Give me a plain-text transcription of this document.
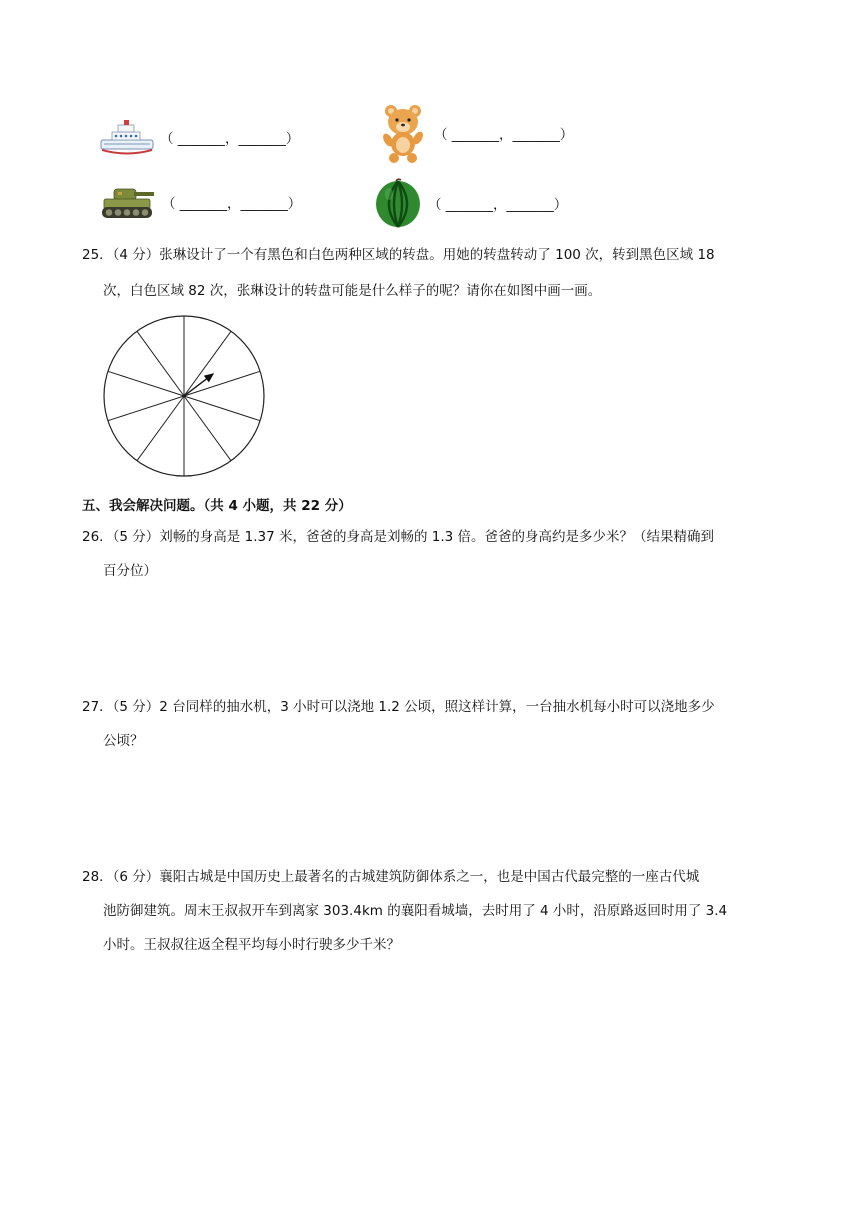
（ _______，_______）	（ _______，_______）
（ _______，_______）	（ _______，_______）
25．（4 分）张琳设计了一个有黑色和白色两种区域的转盘。用她的转盘转动了 100 次，转到黑色区域 18
次，白色区域 82 次，张琳设计的转盘可能是什么样子的呢？请你在如图中画一画。
五、我会解决问题。（共 4 小题，共 22 分）
26．（5 分）刘畅的身高是 1.37 米，爸爸的身高是刘畅的 1.3 倍。爸爸的身高约是多少米？（结果精确到
百分位）
27．（5 分）2 台同样的抽水机，3 小时可以浇地 1.2 公顷，照这样计算，一台抽水机每小时可以浇地多少
公顷？
28．（6 分）襄阳古城是中国历史上最著名的古城建筑防御体系之一，也是中国古代最完整的一座古代城
池防御建筑。周末王叔叔开车到离家 303.4km 的襄阳看城墙，去时用了 4 小时，沿原路返回时用了 3.4
小时。王叔叔往返全程平均每小时行驶多少千米？
